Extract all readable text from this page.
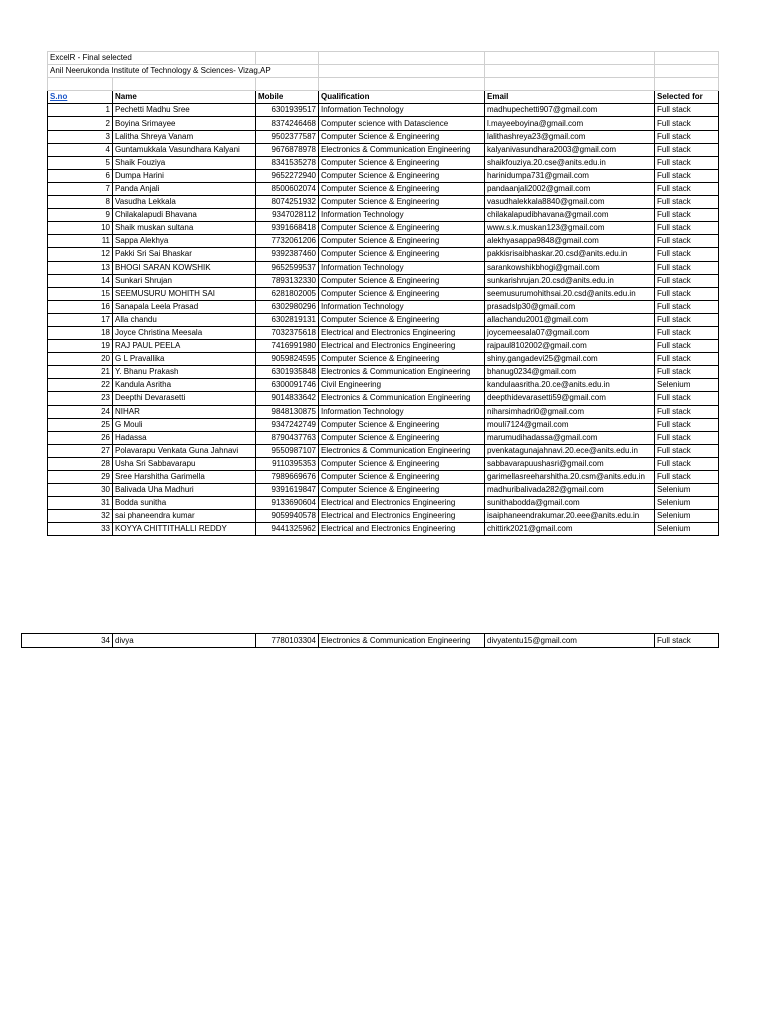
ExcelR - Final selected					
Anil Neerukonda Institute of Technology & Sciences- Vizag,AP					

S.no	Name	Mobile	Qualification	Email	Selected for
1	Pechetti Madhu Sree	6301939517	Information Technology	madhupechetti907@gmail.com	Full stack
2	Boyina Srimayee	8374246468	Computer science with Datascience	l.mayeeboyina@gmail.com	Full stack
3	Lalitha Shreya Vanam	9502377587	Computer Science & Engineering	lalithashreya23@gmail.com	Full stack
4	Guntamukkala Vasundhara Kalyani	9676878978	Electronics & Communication Engineering	kalyanivasundhara2003@gmail.com	Full stack
5	Shaik Fouziya	8341535278	Computer Science & Engineering	shaikfouziya.20.cse@anits.edu.in	Full stack
6	Dumpa Harini	9652272940	Computer Science & Engineering	harinidumpa731@gmail.com	Full stack
7	Panda Anjali	8500602074	Computer Science & Engineering	pandaanjali2002@gmail.com	Full stack
8	Vasudha Lekkala	8074251932	Computer Science & Engineering	vasudhalekkala8840@gmail.com	Full stack
9	Chilakalapudi Bhavana	9347028112	Information Technology	chilakalapudibhavana@gmail.com	Full stack
10	Shaik muskan sultana	9391668418	Computer Science & Engineering	www.s.k.muskan123@gmail.com	Full stack
11	Sappa Alekhya	7732061206	Computer Science & Engineering	alekhyasappa9848@gmail.com	Full stack
12	Pakki Sri Sai Bhaskar	9392387460	Computer Science & Engineering	pakkisrisaibhaskar.20.csd@anits.edu.in	Full stack
13	BHOGI SARAN KOWSHIK	9652599537	Information Technology	sarankowshikbhogi@gmail.com	Full stack
14	Sunkari Shrujan	7893132330	Computer Science & Engineering	sunkarishrujan.20.csd@anits.edu.in	Full stack
15	SEEMUSURU MOHITH SAI	6281802005	Computer Science & Engineering	seemusurumohithsai.20.csd@anits.edu.in	Full stack
16	Sanapala Leela Prasad	6302980296	Information Technology	prasadslp30@gmail.com	Full stack
17	Alla chandu	6302819131	Computer Science & Engineering	allachandu2001@gmail.com	Full stack
18	Joyce Christina Meesala	7032375618	Electrical and Electronics Engineering	joycemeesala07@gmail.com	Full stack
19	RAJ PAUL PEELA	7416991980	Electrical and Electronics Engineering	rajpaul8102002@gmail.com	Full stack
20	G L Pravallika	9059824595	Computer Science & Engineering	shiny.gangadevi25@gmail.com	Full stack
21	Y. Bhanu Prakash	6301935848	Electronics & Communication Engineering	bhanug0234@gmail.com	Full stack
22	Kandula Asritha	6300091746	Civil Engineering	kandulaasritha.20.ce@anits.edu.in	Selenium
23	Deepthi Devarasetti	9014833642	Electronics & Communication Engineering	deepthidevarasetti59@gmail.com	Full stack
24	NIHAR	9848130875	Information Technology	niharsimhadri0@gmail.com	Full stack
25	G Mouli	9347242749	Computer Science & Engineering	mouli7124@gmail.com	Full stack
26	Hadassa	8790437763	Computer Science & Engineering	marumudihadassa@gmail.com	Full stack
27	Polavarapu Venkata Guna Jahnavi	9550987107	Electronics & Communication Engineering	pvenkatagunajahnavi.20.ece@anits.edu.in	Full stack
28	Usha Sri Sabbavarapu	9110395353	Computer Science & Engineering	sabbavarapuushasri@gmail.com	Full stack
29	Sree Harshitha Garimella	7989669676	Computer Science & Engineering	garimellasreeharshitha.20.csm@anits.edu.in	Full stack
30	Balivada Uha Madhuri	9391619847	Computer Science & Engineering	madhuribalivada282@gmail.com	Selenium
31	Bodda sunitha	9133690604	Electrical and Electronics Engineering	sunithabodda@gmail.com	Selenium
32	sai phaneendra kumar	9059940578	Electrical and Electronics Engineering	isaiphaneendrakumar.20.eee@anits.edu.in	Selenium
33	KOYYA CHITTITHALLI REDDY	9441325962	Electrical and Electronics Engineering	chittirk2021@gmail.com	Selenium
34	divya	7780103304	Electronics & Communication Engineering	divyatentu15@gmail.com	Full stack
